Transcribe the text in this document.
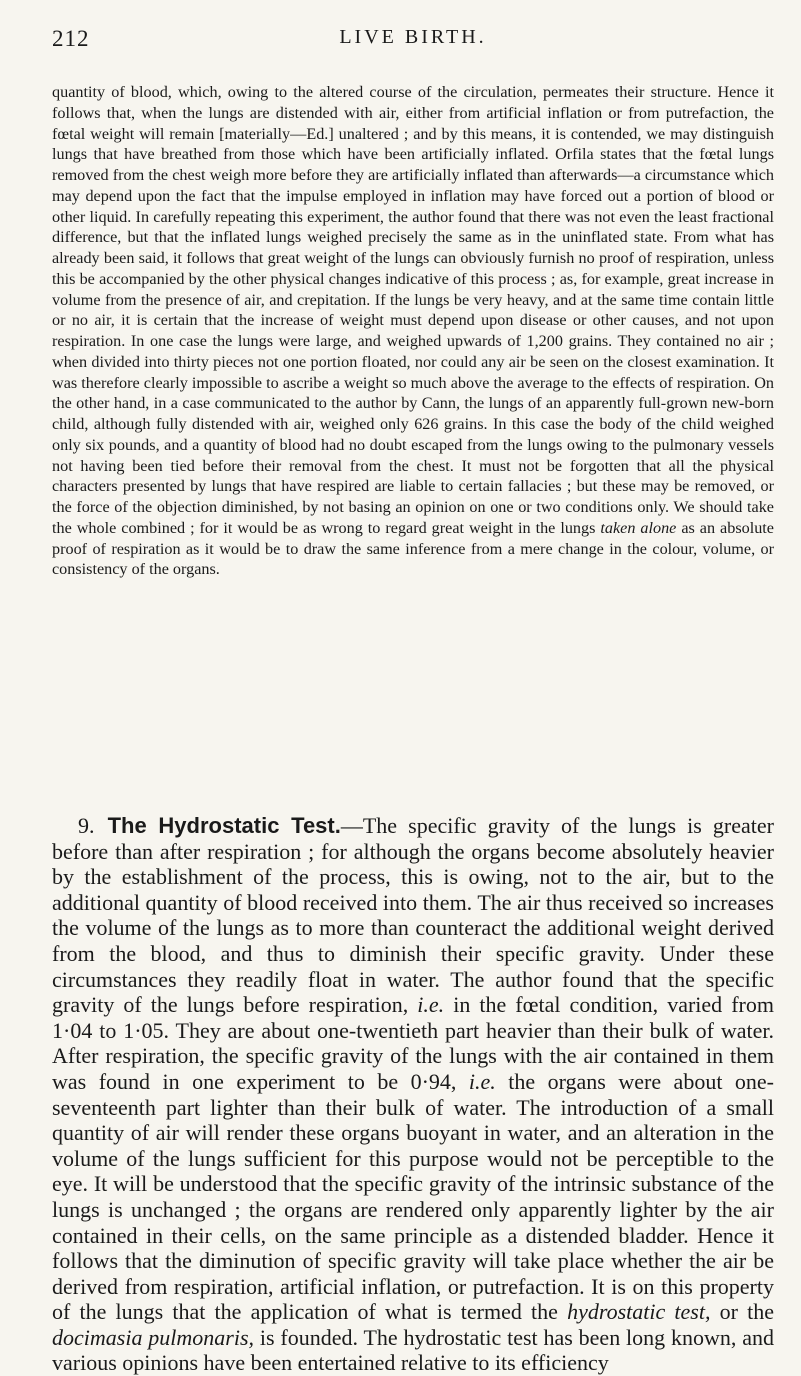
212	LIVE BIRTH.

quantity of blood, which, owing to the altered course of the circulation, permeates their structure. Hence it follows that, when the lungs are distended with air, either from artificial inflation or from putrefaction, the fœtal weight will remain [materially—Ed.] unaltered ; and by this means, it is contended, we may distinguish lungs that have breathed from those which have been artificially inflated. Orfila states that the fœtal lungs removed from the chest weigh more before they are artificially inflated than afterwards—a circumstance which may depend upon the fact that the impulse employed in inflation may have forced out a portion of blood or other liquid. In carefully repeating this experiment, the author found that there was not even the least fractional difference, but that the inflated lungs weighed precisely the same as in the uninflated state. From what has already been said, it follows that great weight of the lungs can obviously furnish no proof of respiration, unless this be accompanied by the other physical changes indicative of this process ; as, for example, great increase in volume from the presence of air, and crepitation. If the lungs be very heavy, and at the same time contain little or no air, it is certain that the increase of weight must depend upon disease or other causes, and not upon respiration. In one case the lungs were large, and weighed upwards of 1,200 grains. They contained no air ; when divided into thirty pieces not one portion floated, nor could any air be seen on the closest examination. It was therefore clearly impossible to ascribe a weight so much above the average to the effects of respiration. On the other hand, in a case communicated to the author by Cann, the lungs of an apparently full-grown new-born child, although fully distended with air, weighed only 626 grains. In this case the body of the child weighed only six pounds, and a quantity of blood had no doubt escaped from the lungs owing to the pulmonary vessels not having been tied before their removal from the chest. It must not be forgotten that all the physical characters presented by lungs that have respired are liable to certain fallacies ; but these may be removed, or the force of the objection diminished, by not basing an opinion on one or two conditions only. We should take the whole combined ; for it would be as wrong to regard great weight in the lungs taken alone as an absolute proof of respiration as it would be to draw the same inference from a mere change in the colour, volume, or consistency of the organs.

9. The Hydrostatic Test.—The specific gravity of the lungs is greater before than after respiration ; for although the organs become absolutely heavier by the establishment of the process, this is owing, not to the air, but to the additional quantity of blood received into them. The air thus received so increases the volume of the lungs as to more than counteract the additional weight derived from the blood, and thus to diminish their specific gravity. Under these circumstances they readily float in water. The author found that the specific gravity of the lungs before respiration, i.e. in the fœtal condition, varied from 1·04 to 1·05. They are about one-twentieth part heavier than their bulk of water. After respiration, the specific gravity of the lungs with the air contained in them was found in one experiment to be 0·94, i.e. the organs were about one-seventeenth part lighter than their bulk of water. The introduction of a small quantity of air will render these organs buoyant in water, and an alteration in the volume of the lungs sufficient for this purpose would not be perceptible to the eye. It will be understood that the specific gravity of the intrinsic substance of the lungs is unchanged ; the organs are rendered only apparently lighter by the air contained in their cells, on the same principle as a distended bladder. Hence it follows that the diminution of specific gravity will take place whether the air be derived from respiration, artificial inflation, or putrefaction. It is on this property of the lungs that the application of what is termed the hydrostatic test, or the docimasia pulmonaris, is founded. The hydrostatic test has been long known, and various opinions have been entertained relative to its efficiency
